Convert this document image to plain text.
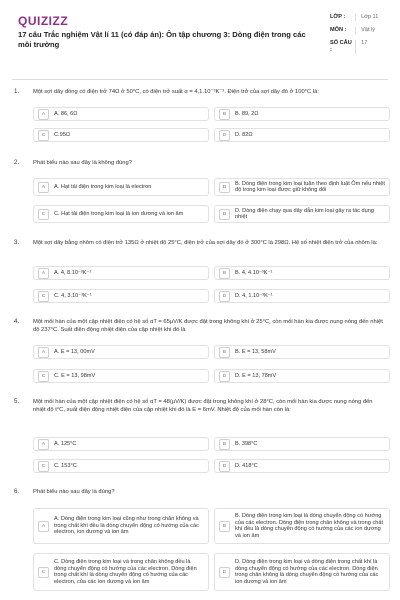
QUIZIZZ
17 câu Trắc nghiệm Vật lí 11 (có đáp án): Ôn tập chương 3: Dòng điện trong các môi trường
LỚP :	Lớp 11
MÔN :	Vật lý
SỐ CÂU :
17
1. Một sợi dây đồng có điện trở 74Ω ở 50°C, có điện trở suất α = 4,1.10⁻³K⁻¹. Điện trở của sợi dây đó ở 100°C là:
A	A. 86, 6Ω	B	B. 89, 2Ω
C	C.95Ω	D	D. 82Ω
2. Phát biểu nào sau đây là không đúng?
A	A. Hạt tải điện trong kim loại là electron	B
B. Dòng điện trong kim loại tuân theo định luật Ôm nếu nhiệt độ trong kim loại được giữ không đổi
C	C. Hạt tải điện trong kim loại là ion dương và ion âm	D
D. Dòng điện chạy qua dây dẫn kim loại gây ra tác dụng nhiệt
3. Một sợi dây bằng nhôm có điện trở 135Ω ở nhiệt độ 25°C, điện trở của sợi dây đó ở 300°C là 298Ω. Hệ số nhiệt điện trở của nhôm là:
A	A. 4, 8.10⁻³K⁻¹	B	B. 4, 4.10⁻³K⁻¹
C	C. 4, 3.10⁻³K⁻¹	D	D. 4, 1.10⁻³K⁻¹
4. Một mối hàn của một cặp nhiệt điện có hệ số αT = 65μV/K được đặt trong không khí ở 25°C, còn mối hàn kia được nung nóng đến nhiệt độ 237°C. Suất điện động nhiệt điện của cặp nhiệt khi đó là
A	A. E = 13, 00mV	B	B. E = 13, 58mV
C	C. E = 13, 98mV	D	D. E = 13, 78mV
5. Một mối hàn của một cặp nhiệt điện có hệ số αT = 48(μV/K) được đặt trong không khí ở 28°C, còn mối hàn kia được nung nóng đến nhiệt độ t°C, suất điện động nhiệt điện của cặp nhiệt khi đó là E = 6mV. Nhiệt độ của mối hàn còn là:
A	A. 125°C	B	B. 398°C
C	C. 153°C	D	D. 418°C
6. Phát biểu nào sau đây là đúng?
A
A. Dòng điện trong kim loại cũng như trong chân không và trong chất khí đều là dòng chuyển động có hướng của các electron, ion dương và ion âm
B
B. Dòng điện trong kim loại là dòng chuyển động có hướng của các electron. Dòng điện trong chân không và trong chất khí đều là dòng chuyển động có hướng của các ion dương và ion âm
C
C. Dòng điện trong kim loại và trong chân không đều là dòng chuyển động có hướng của các electron. Dòng điện trong chất khí là dòng chuyển động có hướng của các electron, của các ion dương và ion âm
D
D. Dòng điện trong kim loại và dòng điện trong chất khí là dòng chuyển động có hướng của các electron. Dòng điện trong chân không là dòng chuyển động có hướng của các ion dương và ion âm
